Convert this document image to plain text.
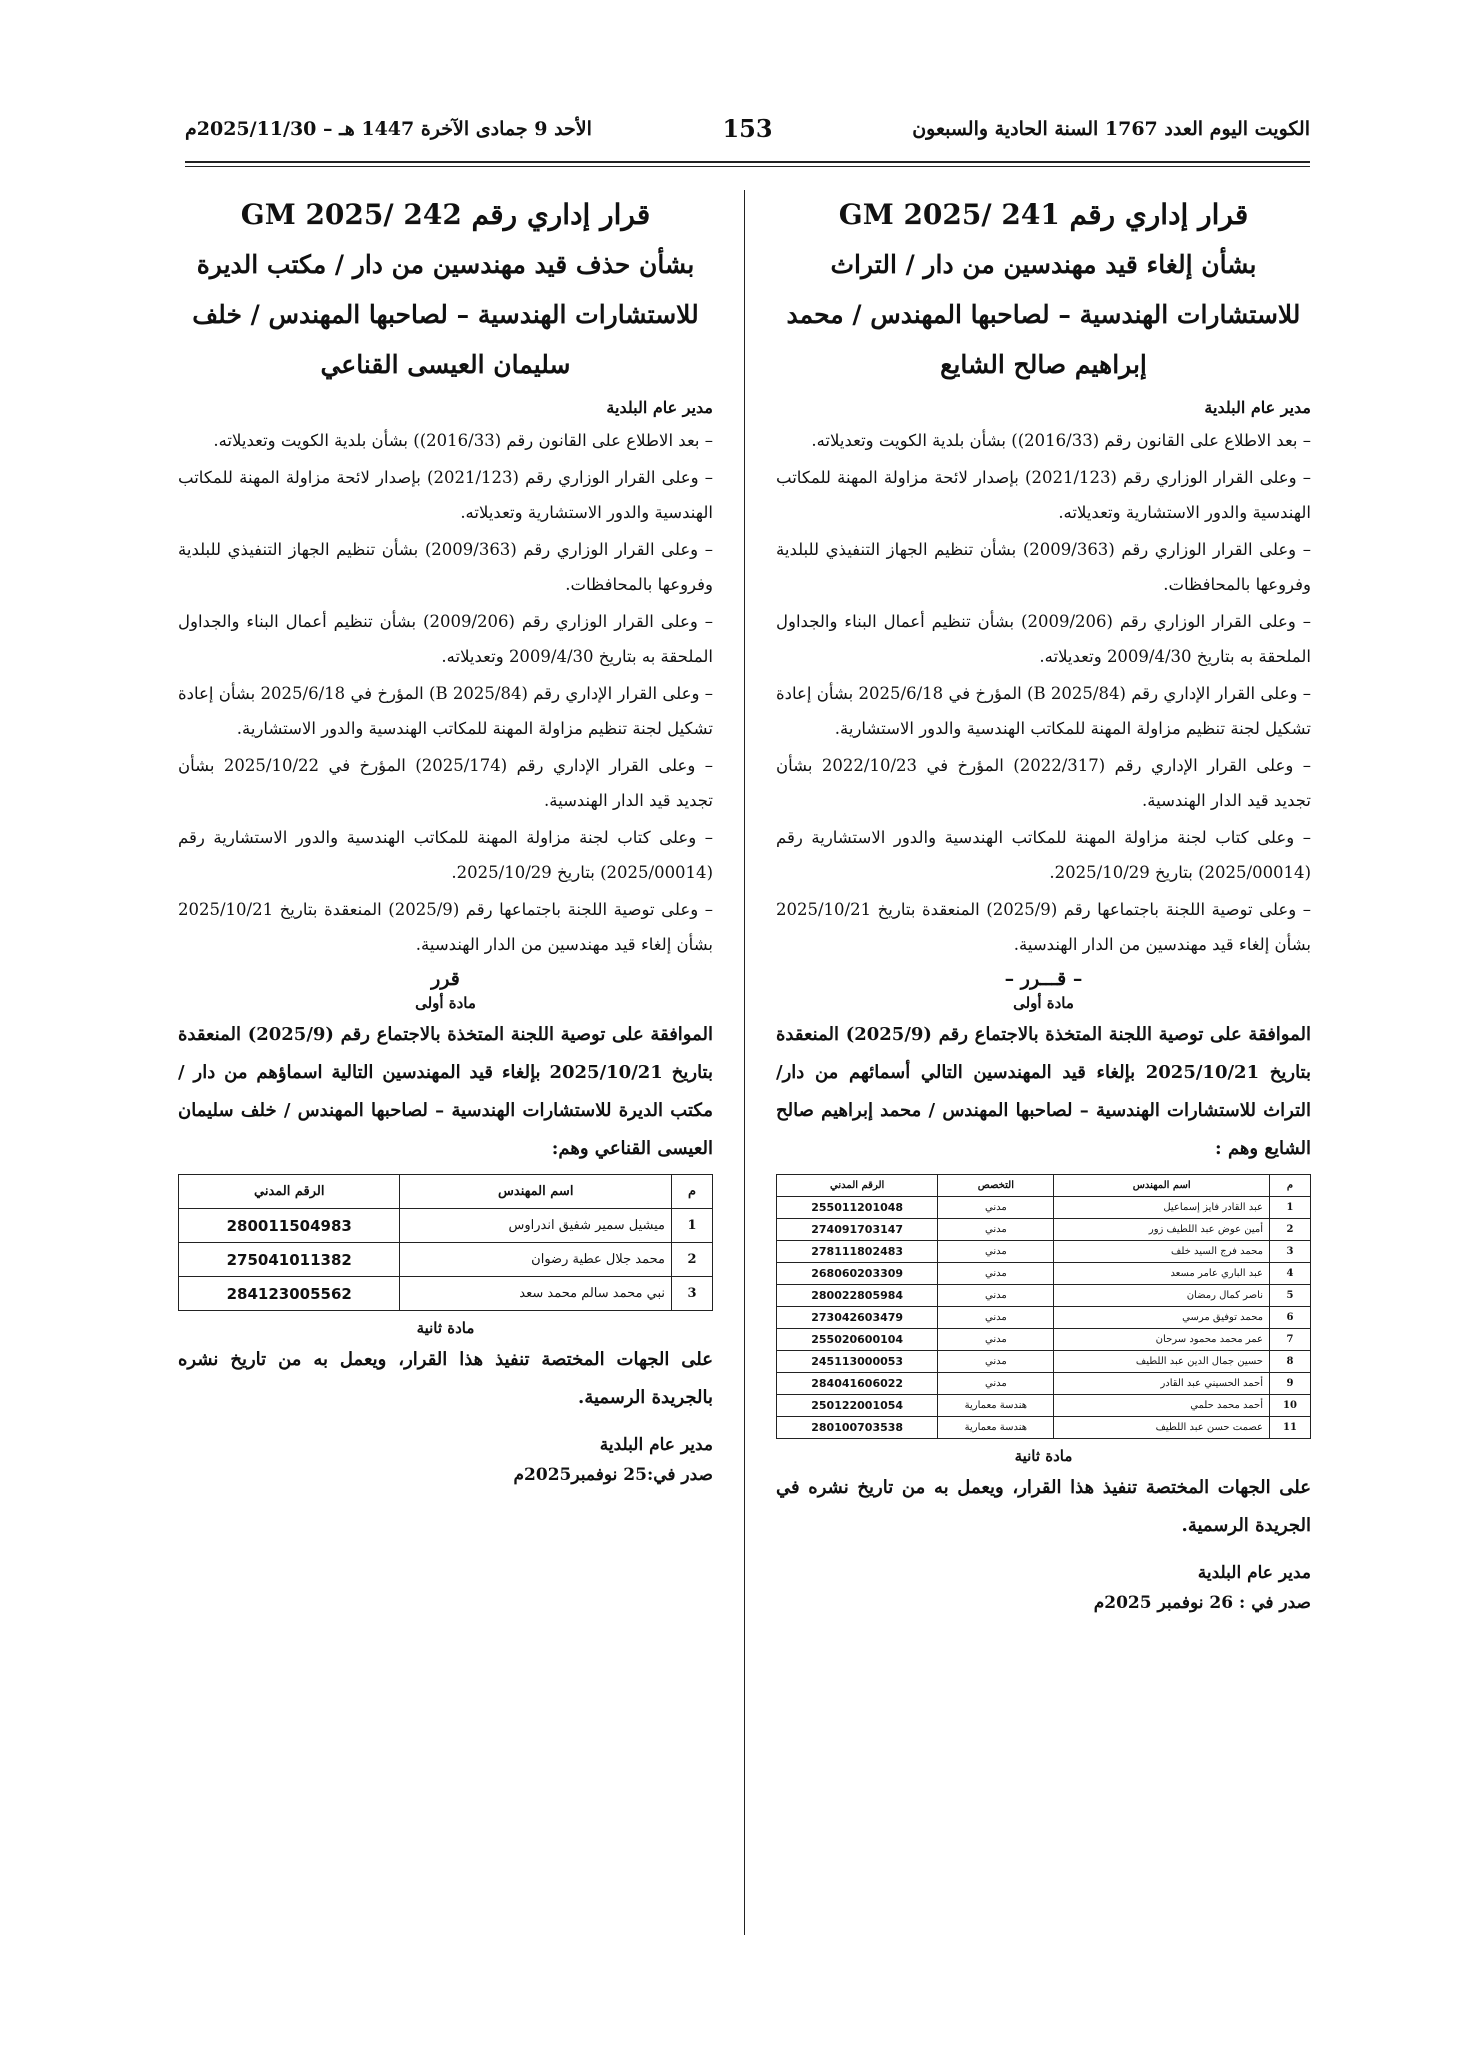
الكويت اليوم العدد 1767 السنة الحادية والسبعون
153
الأحد 9 جمادى الآخرة 1447 هـ – 2025/11/30م

قرار إداري رقم 241 /2025 GM

بشأن إلغاء قيد مهندسين من دار / التراث

للاستشارات الهندسية – لصاحبها المهندس / محمد

إبراهيم صالح الشايع

مدير عام البلدية

– بعد الاطلاع على القانون رقم (2016/33)) بشأن بلدية الكويت وتعديلاته.

– وعلى القرار الوزاري رقم (2021/123) بإصدار لائحة مزاولة المهنة للمكاتب الهندسية والدور الاستشارية وتعديلاته.

– وعلى القرار الوزاري رقم (2009/363) بشأن تنظيم الجهاز التنفيذي للبلدية وفروعها بالمحافظات.

– وعلى القرار الوزاري رقم (2009/206) بشأن تنظيم أعمال البناء والجداول الملحقة به بتاريخ 2009/4/30 وتعديلاته.

– وعلى القرار الإداري رقم (B 2025/84) المؤرخ في 2025/6/18 بشأن إعادة تشكيل لجنة تنظيم مزاولة المهنة للمكاتب الهندسية والدور الاستشارية.

– وعلى القرار الإداري رقم (2022/317) المؤرخ في 2022/10/23 بشأن تجديد قيد الدار الهندسية.

– وعلى كتاب لجنة مزاولة المهنة للمكاتب الهندسية والدور الاستشارية رقم (2025/00014) بتاريخ 2025/10/29.

– وعلى توصية اللجنة باجتماعها رقم (2025/9) المنعقدة بتاريخ 2025/10/21 بشأن إلغاء قيد مهندسين من الدار الهندسية.

– قـــرر –

مادة أولى

الموافقة على توصية اللجنة المتخذة بالاجتماع رقم (2025/9) المنعقدة بتاريخ 2025/10/21 بإلغاء قيد المهندسين التالي أسمائهم من دار/التراث للاستشارات الهندسية – لصاحبها المهندس / محمد إبراهيم صالح الشايع وهم :

م	اسم المهندس	التخصص	الرقم المدني
1	عبد القادر فايز إسماعيل	مدني	255011201048
2	أمين عوض عبد اللطيف زور	مدني	274091703147
3	محمد فرج السيد خلف	مدني	278111802483
4	عبد الباري عامر مسعد	مدني	268060203309
5	ناصر كمال رمضان	مدني	280022805984
6	محمد توفيق مرسي	مدني	273042603479
7	عمر محمد محمود سرحان	مدني	255020600104
8	حسين جمال الدين عبد اللطيف	مدني	245113000053
9	أحمد الحسيني عبد القادر	مدني	284041606022
10	أحمد محمد حلمي	هندسة معمارية	250122001054
11	عصمت حسن عبد اللطيف	هندسة معمارية	280100703538

مادة ثانية

على الجهات المختصة تنفيذ هذا القرار، ويعمل به من تاريخ نشره في الجريدة الرسمية.

مدير عام البلدية

صدر في : 26 نوفمبر 2025م

قرار إداري رقم 242 /2025 GM

بشأن حذف قيد مهندسين من دار / مكتب الديرة

للاستشارات الهندسية – لصاحبها المهندس / خلف

سليمان العيسى القناعي

مدير عام البلدية

– بعد الاطلاع على القانون رقم (2016/33)) بشأن بلدية الكويت وتعديلاته.

– وعلى القرار الوزاري رقم (2021/123) بإصدار لائحة مزاولة المهنة للمكاتب الهندسية والدور الاستشارية وتعديلاته.

– وعلى القرار الوزاري رقم (2009/363) بشأن تنظيم الجهاز التنفيذي للبلدية وفروعها بالمحافظات.

– وعلى القرار الوزاري رقم (2009/206) بشأن تنظيم أعمال البناء والجداول الملحقة به بتاريخ 2009/4/30 وتعديلاته.

– وعلى القرار الإداري رقم (2025/84 B) المؤرخ في 2025/6/18 بشأن إعادة تشكيل لجنة تنظيم مزاولة المهنة للمكاتب الهندسية والدور الاستشارية.

– وعلى القرار الإداري رقم (2025/174) المؤرخ في 2025/10/22 بشأن تجديد قيد الدار الهندسية.

– وعلى كتاب لجنة مزاولة المهنة للمكاتب الهندسية والدور الاستشارية رقم (2025/00014) بتاريخ 2025/10/29.

– وعلى توصية اللجنة باجتماعها رقم (2025/9) المنعقدة بتاريخ 2025/10/21 بشأن إلغاء قيد مهندسين من الدار الهندسية.

قرر

مادة أولى

الموافقة على توصية اللجنة المتخذة بالاجتماع رقم (2025/9) المنعقدة بتاريخ 2025/10/21 بإلغاء قيد المهندسين التالية اسماؤهم من دار / مكتب الديرة للاستشارات الهندسية – لصاحبها المهندس / خلف سليمان العيسى القناعي وهم:

م	اسم المهندس	الرقم المدني
1	ميشيل سمير شفيق اندراوس	280011504983
2	محمد جلال عطية رضوان	275041011382
3	نبي محمد سالم محمد سعد	284123005562

مادة ثانية

على الجهات المختصة تنفيذ هذا القرار، ويعمل به من تاريخ نشره بالجريدة الرسمية.

مدير عام البلدية

صدر في:25 نوفمبر2025م
